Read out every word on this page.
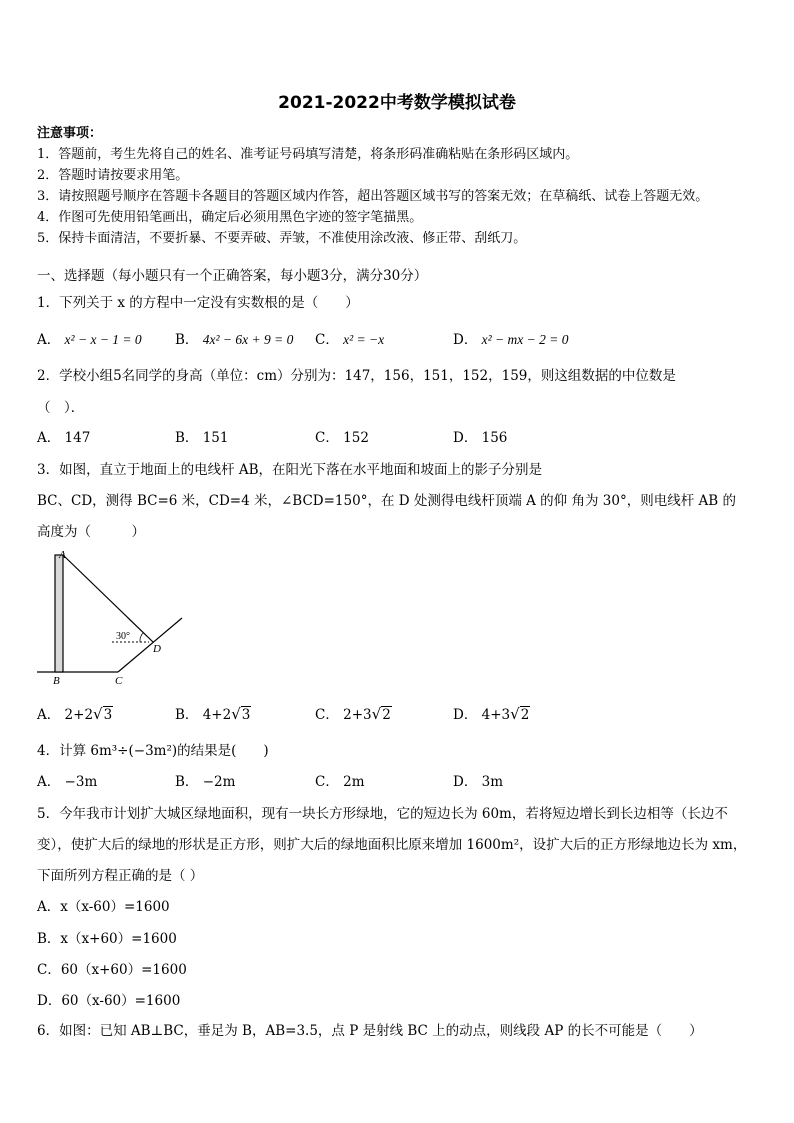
2021-2022中考数学模拟试卷
注意事项：
1．答题前，考生先将自己的姓名、准考证号码填写清楚，将条形码准确粘贴在条形码区域内。
2．答题时请按要求用笔。
3．请按照题号顺序在答题卡各题目的答题区域内作答，超出答题区域书写的答案无效；在草稿纸、试卷上答题无效。
4．作图可先使用铅笔画出，确定后必须用黑色字迹的签字笔描黑。
5．保持卡面清洁，不要折暴、不要弄破、弄皱，不准使用涂改液、修正带、刮纸刀。
一、选择题（每小题只有一个正确答案，每小题3分，满分30分）
1．下列关于 x 的方程中一定没有实数根的是（　　）
A． x² − x − 1 = 0 B． 4x² − 6x + 9 = 0 C． x² = −x	D． x² − mx − 2 = 0
2．学校小组5名同学的身高（单位：cm）分别为：147，156，151，152，159，则这组数据的中位数是
（　）．
A． 147	B． 151	C． 152	D． 156
3．如图，直立于地面上的电线杆 AB，在阳光下落在水平地面和坡面上的影子分别是
BC、CD，测得 BC=6 米，CD=4 米，∠BCD=150°，在 D 处测得电线杆顶端 A 的仰 角为 30°，则电线杆 AB 的
高度为（　　　）
A
B	C
D
30°
A． 2+2√3	B． 4+2√3	C． 2+3√2	D． 4+3√2
4．计算 6m³÷(−3m²)的结果是(　　)
A． −3m	B． −2m	C． 2m	D． 3m
5．今年我市计划扩大城区绿地面积，现有一块长方形绿地，它的短边长为 60m，若将短边增长到长边相等（长边不
变），使扩大后的绿地的形状是正方形，则扩大后的绿地面积比原来增加 1600m²，设扩大后的正方形绿地边长为 xm，
下面所列方程正确的是（ ）
A．x（x-60）=1600
B．x（x+60）=1600
C．60（x+60）=1600
D．60（x-60）=1600
6．如图：已知 AB⊥BC，垂足为 B，AB=3.5，点 P 是射线 BC 上的动点，则线段 AP 的长不可能是（　　）
